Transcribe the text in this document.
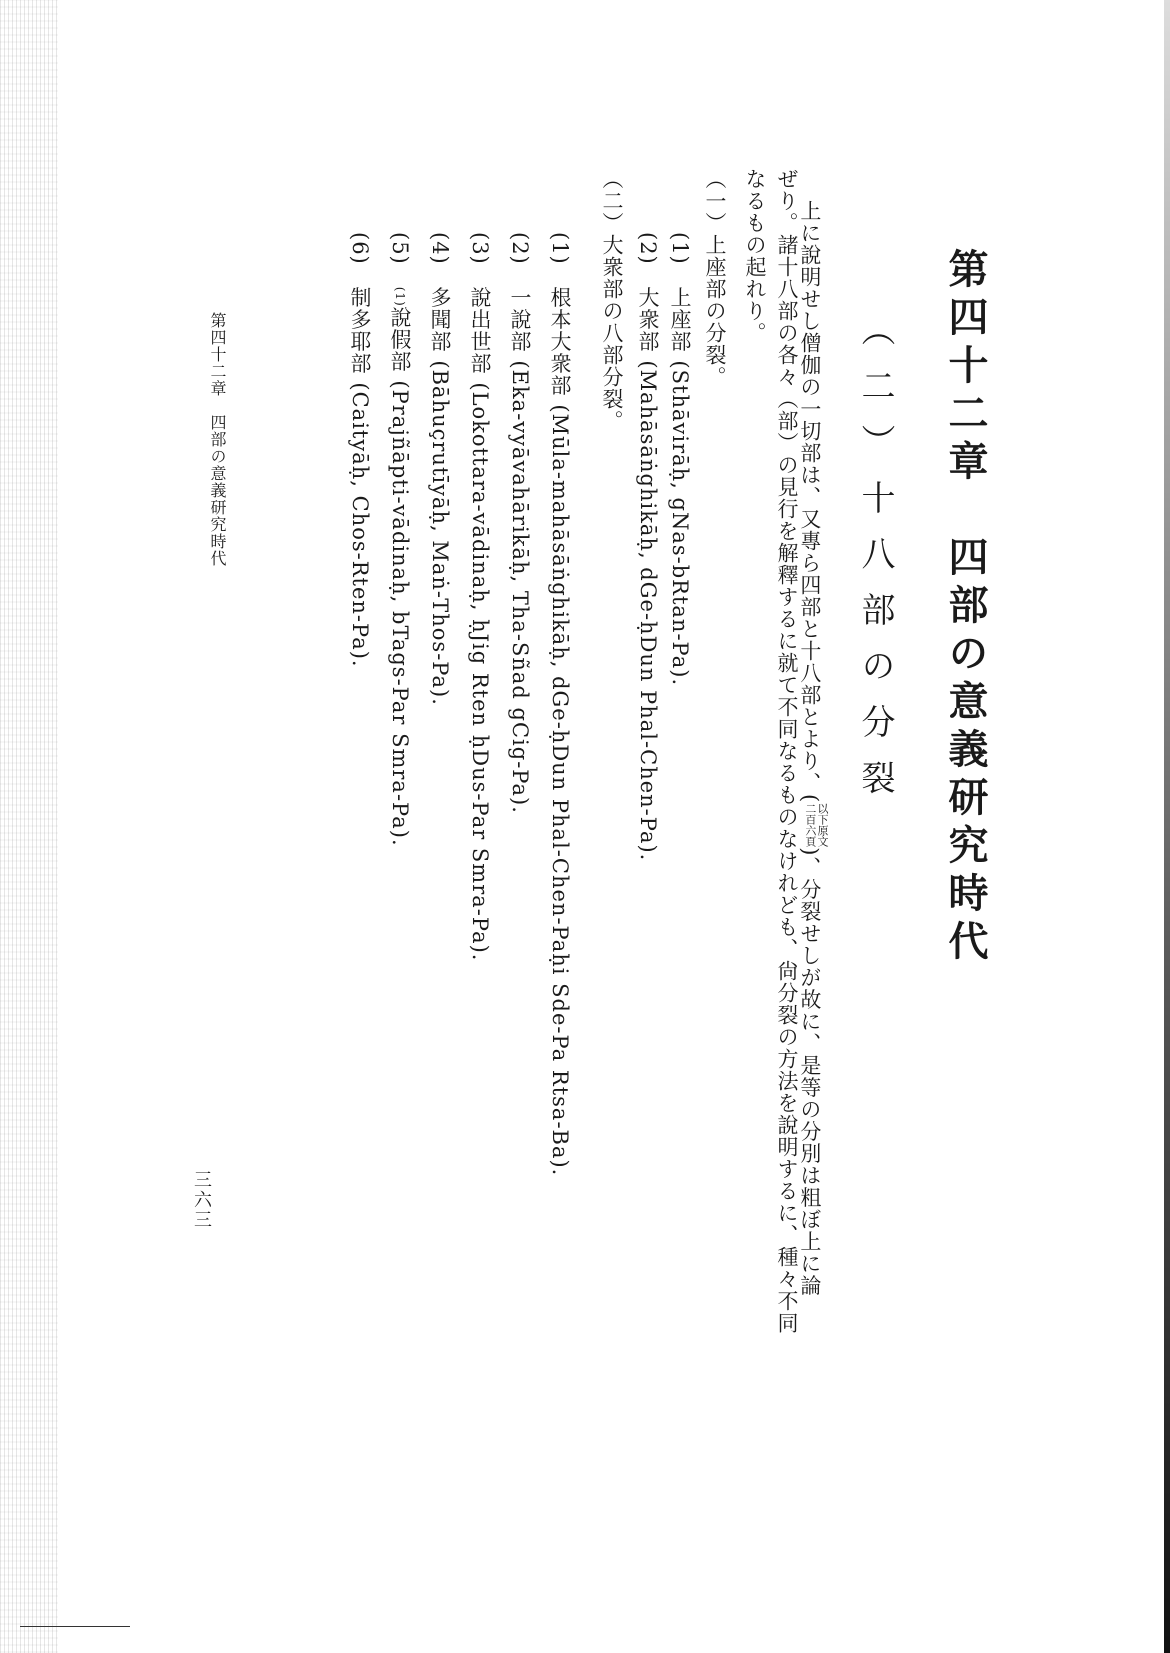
第四十二章　四部の意義研究時代
（二）十八部の分裂
上に說明せし僧伽の一切部は、又專ら四部と十八部とより、(以下原文
二百六頁)、分裂せしが故に、是等の分別は粗ぼ上に論
ぜり。諸十八部の各々（部）の見行を解釋するに就て不同なるものなけれども、尙分裂の方法を說明するに、種々不同
なるもの起れり。
（一）上座部の分裂。
(1)　上座部 (Sthāvirāḥ, gNas-bRtan-Pa).
(2)　大衆部 (Mahāsāṅghikāḥ, dGe-ḥDun Phal-Chen-Pa).
（二）大衆部の八部分裂。
(1)　根本大衆部 (Mūla-mahāsāṅghikāḥ, dGe-ḥDun Phal-Chen-Paḥi Sde-Pa Rtsa-Ba).
(2)　一說部 (Eka-vyāvahārikāḥ, Tha-Sñad gCig-Pa).
(3)　說出世部 (Lokottara-vādinaḥ, ḥJig Rten ḥDus-Par Smra-Pa).
(4)　多聞部 (Bāhuçrutīyāḥ, Maṅ-Thos-Pa).
(5)　(1)說假部 (Prajñāpti-vādinaḥ, bTags-Par Smra-Pa).
(6)　制多耶部 (Caityāḥ, Chos-Rten-Pa).
第四十二章　四部の意義研究時代
三六三
